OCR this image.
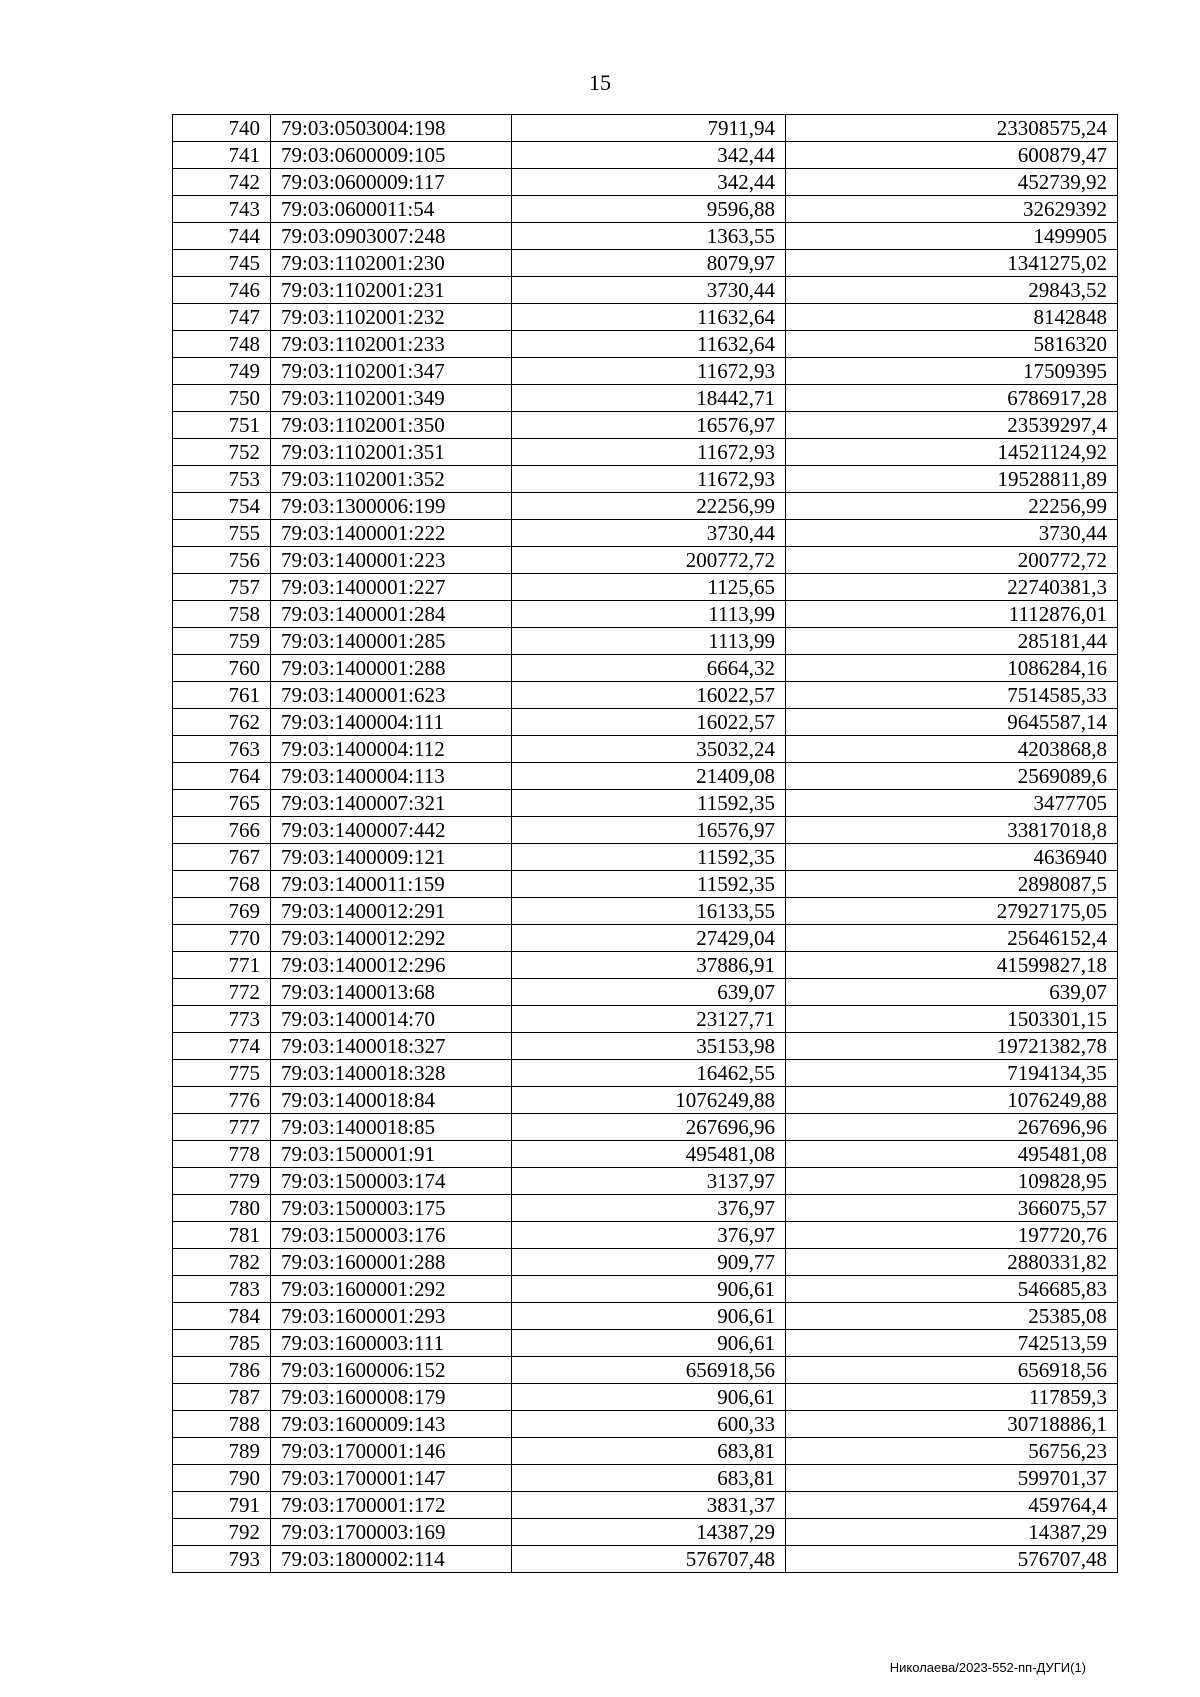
15
740	79:03:0503004:198	7911,94	23308575,24
741	79:03:0600009:105	342,44	600879,47
742	79:03:0600009:117	342,44	452739,92
743	79:03:0600011:54	9596,88	32629392
744	79:03:0903007:248	1363,55	1499905
745	79:03:1102001:230	8079,97	1341275,02
746	79:03:1102001:231	3730,44	29843,52
747	79:03:1102001:232	11632,64	8142848
748	79:03:1102001:233	11632,64	5816320
749	79:03:1102001:347	11672,93	17509395
750	79:03:1102001:349	18442,71	6786917,28
751	79:03:1102001:350	16576,97	23539297,4
752	79:03:1102001:351	11672,93	14521124,92
753	79:03:1102001:352	11672,93	19528811,89
754	79:03:1300006:199	22256,99	22256,99
755	79:03:1400001:222	3730,44	3730,44
756	79:03:1400001:223	200772,72	200772,72
757	79:03:1400001:227	1125,65	22740381,3
758	79:03:1400001:284	1113,99	1112876,01
759	79:03:1400001:285	1113,99	285181,44
760	79:03:1400001:288	6664,32	1086284,16
761	79:03:1400001:623	16022,57	7514585,33
762	79:03:1400004:111	16022,57	9645587,14
763	79:03:1400004:112	35032,24	4203868,8
764	79:03:1400004:113	21409,08	2569089,6
765	79:03:1400007:321	11592,35	3477705
766	79:03:1400007:442	16576,97	33817018,8
767	79:03:1400009:121	11592,35	4636940
768	79:03:1400011:159	11592,35	2898087,5
769	79:03:1400012:291	16133,55	27927175,05
770	79:03:1400012:292	27429,04	25646152,4
771	79:03:1400012:296	37886,91	41599827,18
772	79:03:1400013:68	639,07	639,07
773	79:03:1400014:70	23127,71	1503301,15
774	79:03:1400018:327	35153,98	19721382,78
775	79:03:1400018:328	16462,55	7194134,35
776	79:03:1400018:84	1076249,88	1076249,88
777	79:03:1400018:85	267696,96	267696,96
778	79:03:1500001:91	495481,08	495481,08
779	79:03:1500003:174	3137,97	109828,95
780	79:03:1500003:175	376,97	366075,57
781	79:03:1500003:176	376,97	197720,76
782	79:03:1600001:288	909,77	2880331,82
783	79:03:1600001:292	906,61	546685,83
784	79:03:1600001:293	906,61	25385,08
785	79:03:1600003:111	906,61	742513,59
786	79:03:1600006:152	656918,56	656918,56
787	79:03:1600008:179	906,61	117859,3
788	79:03:1600009:143	600,33	30718886,1
789	79:03:1700001:146	683,81	56756,23
790	79:03:1700001:147	683,81	599701,37
791	79:03:1700001:172	3831,37	459764,4
792	79:03:1700003:169	14387,29	14387,29
793	79:03:1800002:114	576707,48	576707,48
Николаева/2023-552-пп-ДУГИ(1)
